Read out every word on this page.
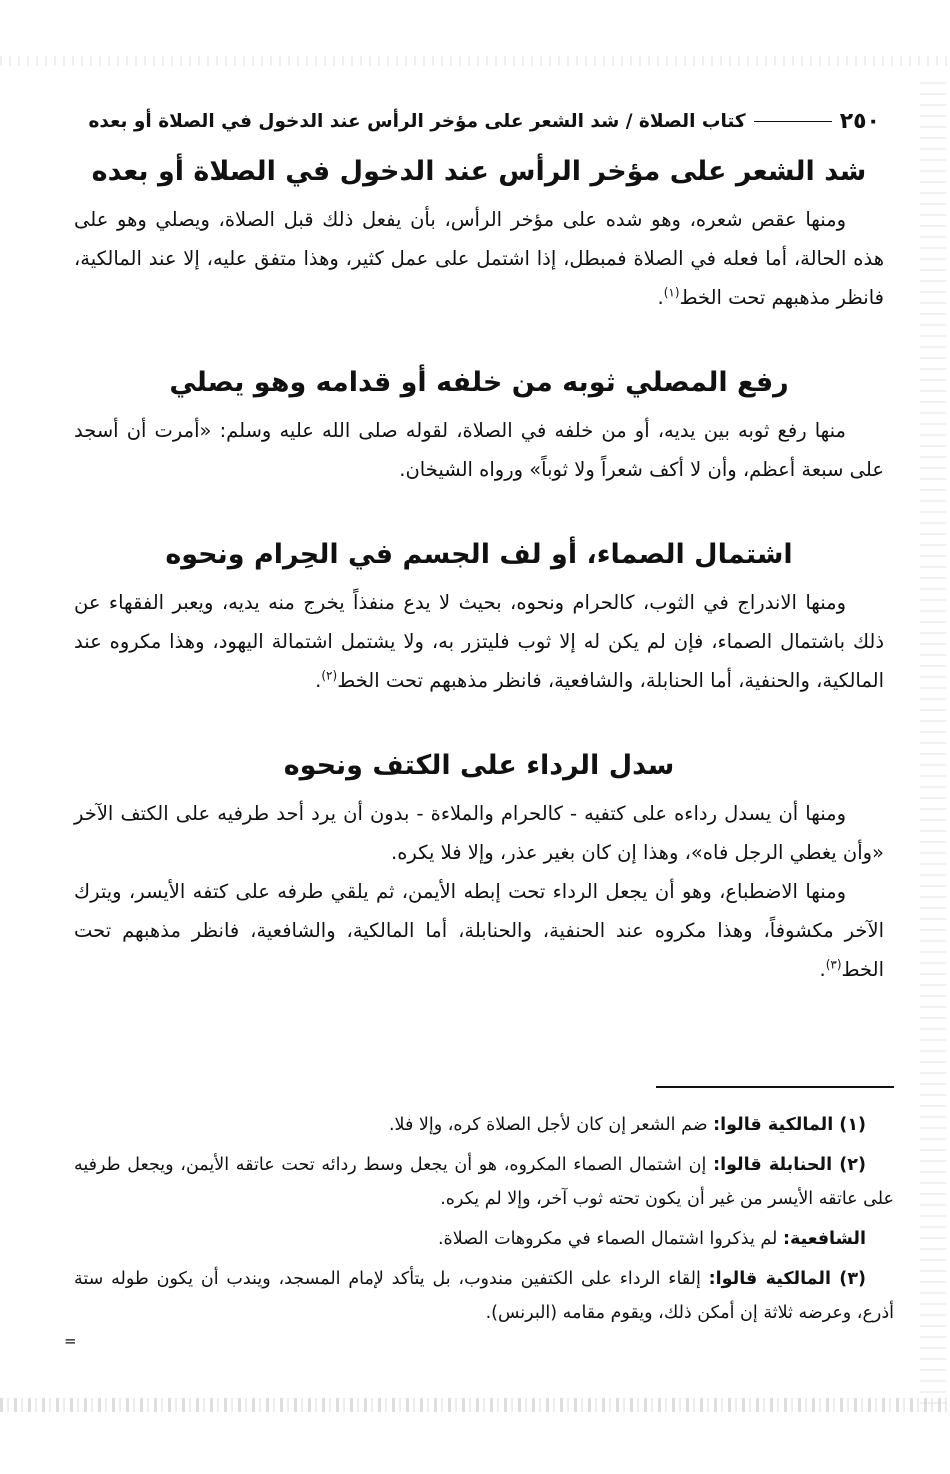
٢٥٠
كتاب الصلاة / شد الشعر على مؤخر الرأس عند الدخول في الصلاة أو بعده
شد الشعر على مؤخر الرأس عند الدخول في الصلاة أو بعده

ومنها عقص شعره، وهو شده على مؤخر الرأس، بأن يفعل ذلك قبل الصلاة، ويصلي وهو على هذه الحالة، أما فعله في الصلاة فمبطل، إذا اشتمل على عمل كثير، وهذا متفق عليه، إلا عند المالكية، فانظر مذهبهم تحت الخط$^{(١)}$.

رفع المصلي ثوبه من خلفه أو قدامه وهو يصلي

منها رفع ثوبه بين يديه، أو من خلفه في الصلاة، لقوله صلى الله عليه وسلم: «أمرت أن أسجد على سبعة أعظم، وأن لا أكف شعراً ولا ثوباً» ورواه الشيخان.

اشتمال الصماء، أو لف الجسم في الحِرام ونحوه

ومنها الاندراج في الثوب، كالحرام ونحوه، بحيث لا يدع منفذاً يخرج منه يديه، ويعبر الفقهاء عن ذلك باشتمال الصماء، فإن لم يكن له إلا ثوب فليتزر به، ولا يشتمل اشتمالة اليهود، وهذا مكروه عند المالكية، والحنفية، أما الحنابلة، والشافعية، فانظر مذهبهم تحت الخط$^{(٢)}$.

سدل الرداء على الكتف ونحوه

ومنها أن يسدل رداءه على كتفيه - كالحرام والملاءة - بدون أن يرد أحد طرفيه على الكتف الآخر «وأن يغطي الرجل فاه»، وهذا إن كان بغير عذر، وإلا فلا يكره.

ومنها الاضطباع، وهو أن يجعل الرداء تحت إبطه الأيمن، ثم يلقي طرفه على كتفه الأيسر، ويترك الآخر مكشوفاً، وهذا مكروه عند الحنفية، والحنابلة، أما المالكية، والشافعية، فانظر مذهبهم تحت الخط$^{(٣)}$.

(١) المالكية قالوا: ضم الشعر إن كان لأجل الصلاة كره، وإلا فلا.

(٢) الحنابلة قالوا: إن اشتمال الصماء المكروه، هو أن يجعل وسط ردائه تحت عاتقه الأيمن، ويجعل طرفيه على عاتقه الأيسر من غير أن يكون تحته ثوب آخر، وإلا لم يكره.

الشافعية: لم يذكروا اشتمال الصماء في مكروهات الصلاة.

(٣) المالكية قالوا: إلقاء الرداء على الكتفين مندوب، بل يتأكد لإمام المسجد، ويندب أن يكون طوله ستة أذرع، وعرضه ثلاثة إن أمكن ذلك، ويقوم مقامه (البرنس).

=
